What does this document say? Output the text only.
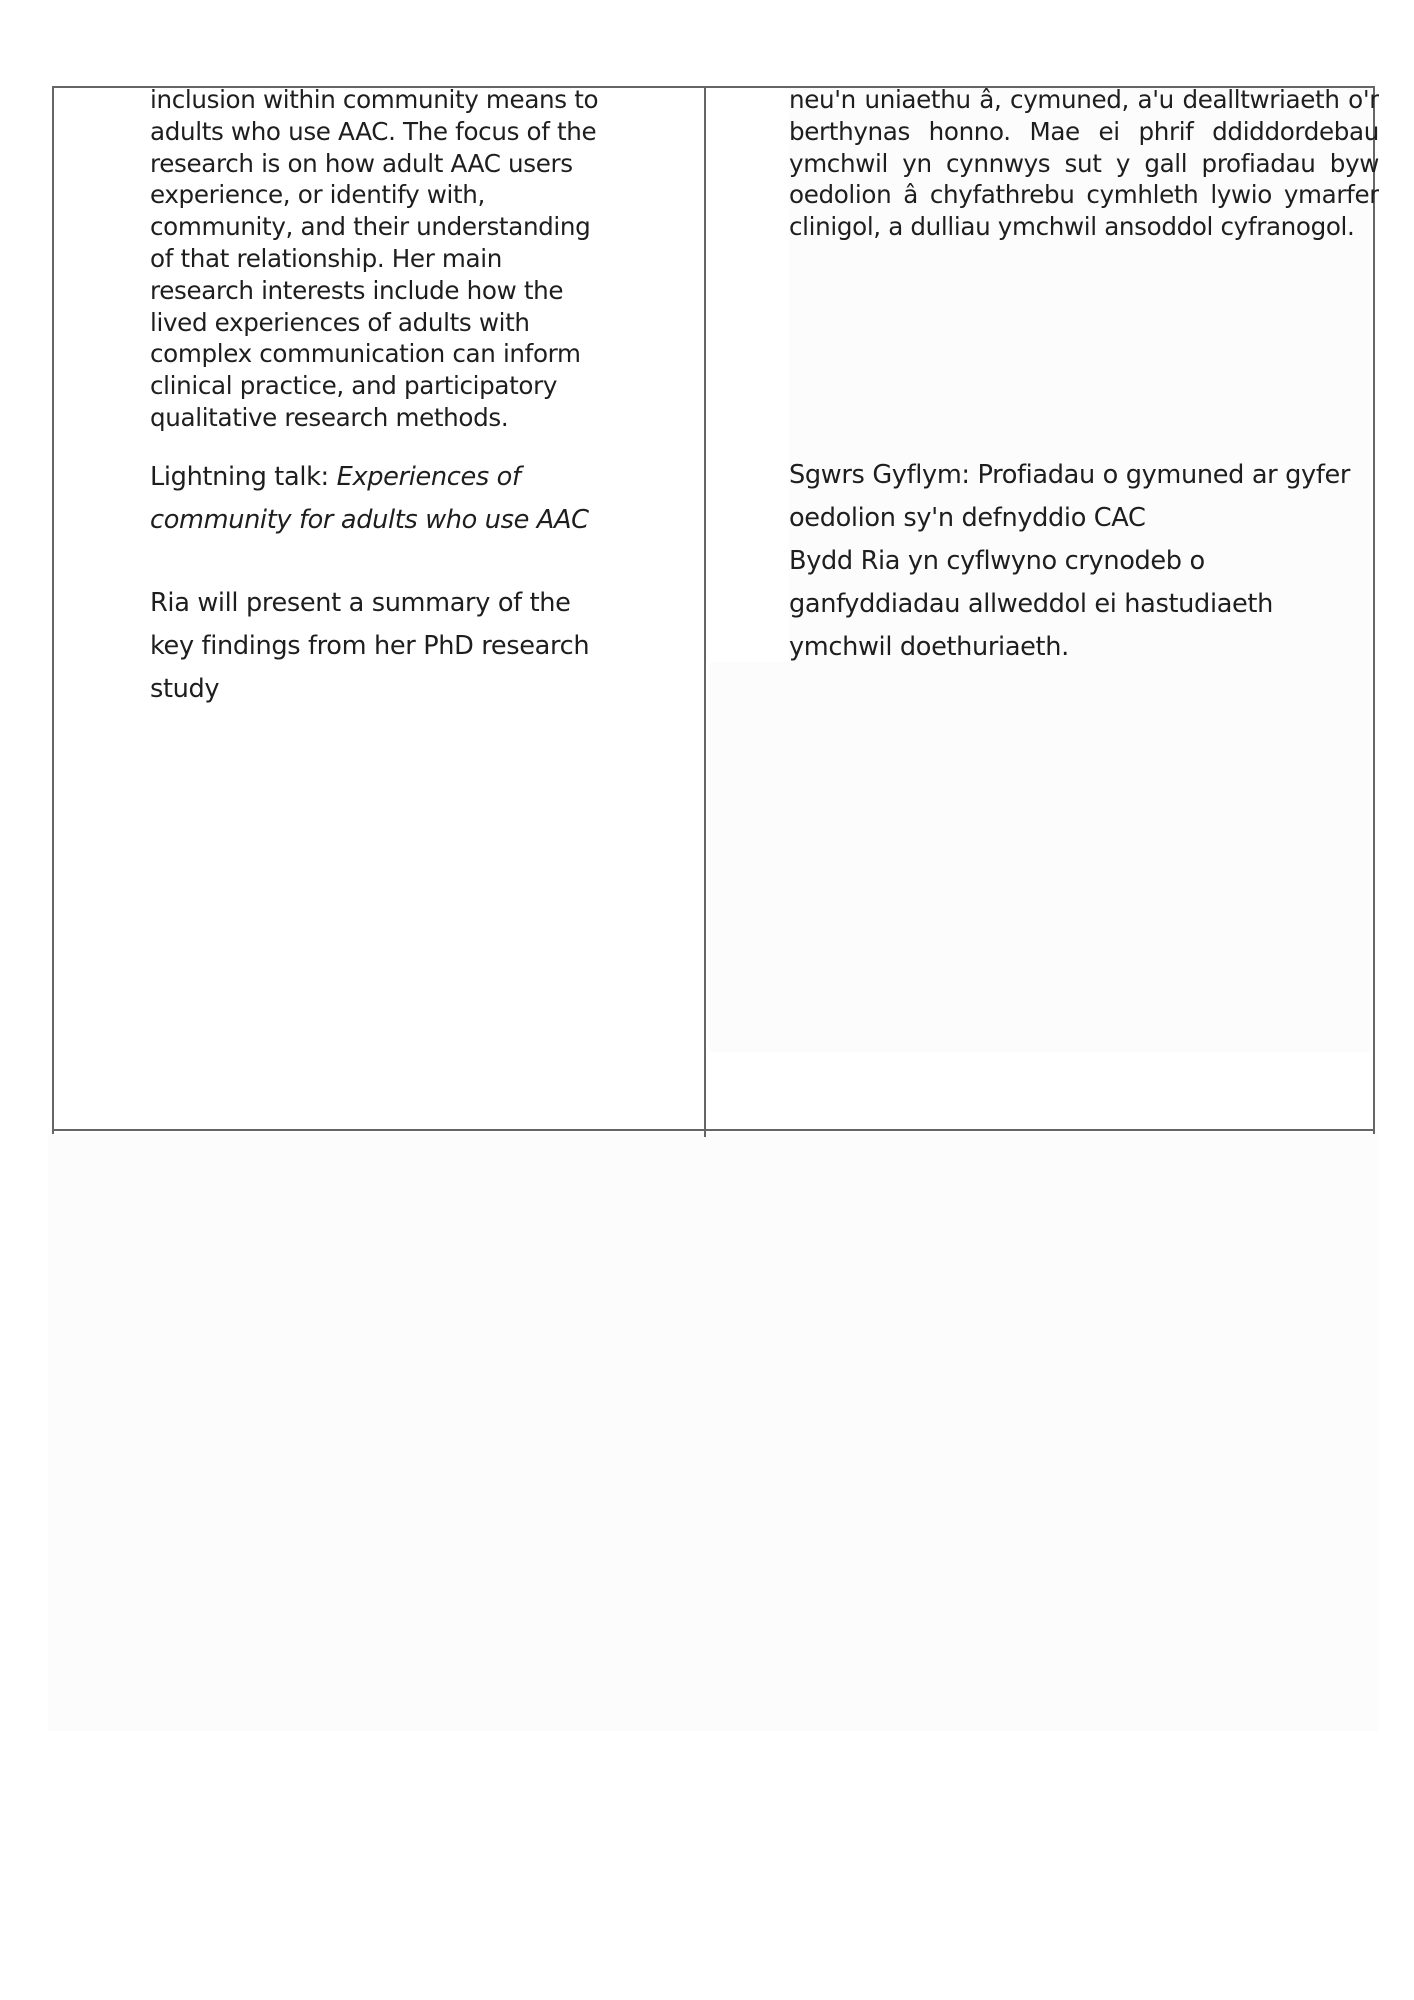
inclusion within community means to adults who use AAC. The focus of the research is on how adult AAC users experience, or identify with, community, and their understanding of that relationship. Her main research interests include how the lived experiences of adults with complex communication can inform clinical practice, and participatory qualitative research methods.

Lightning talk: Experiences of community for adults who use AAC

Ria will present a summary of the key findings from her PhD research study

neu'n uniaethu â, cymuned, a'u dealltwriaeth o'r berthynas honno. Mae ei phrif ddiddordebau ymchwil yn cynnwys sut y gall profiadau byw oedolion â chyfathrebu cymhleth lywio ymarfer clinigol, a dulliau ymchwil ansoddol cyfranogol.

Sgwrs Gyflym: Profiadau o gymuned ar gyfer oedolion sy'n defnyddio CAC

Bydd Ria yn cyflwyno crynodeb o ganfyddiadau allweddol ei hastudiaeth ymchwil doethuriaeth.
